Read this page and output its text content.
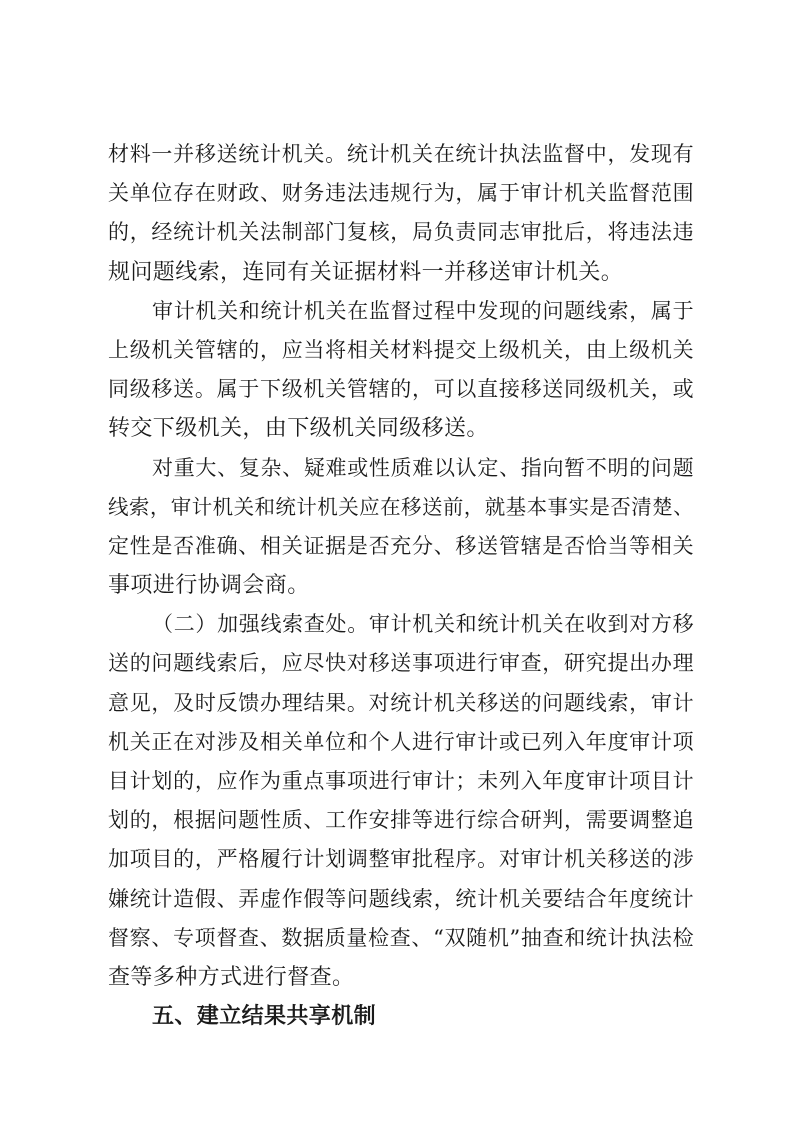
材料一并移送统计机关。统计机关在统计执法监督中，发现有
关单位存在财政、财务违法违规行为，属于审计机关监督范围
的，经统计机关法制部门复核，局负责同志审批后，将违法违
规问题线索，连同有关证据材料一并移送审计机关。
审计机关和统计机关在监督过程中发现的问题线索，属于
上级机关管辖的，应当将相关材料提交上级机关，由上级机关
同级移送。属于下级机关管辖的，可以直接移送同级机关，或
转交下级机关，由下级机关同级移送。
对重大、复杂、疑难或性质难以认定、指向暂不明的问题
线索，审计机关和统计机关应在移送前，就基本事实是否清楚、
定性是否准确、相关证据是否充分、移送管辖是否恰当等相关
事项进行协调会商。
（二）加强线索查处。审计机关和统计机关在收到对方移
送的问题线索后，应尽快对移送事项进行审查，研究提出办理
意见，及时反馈办理结果。对统计机关移送的问题线索，审计
机关正在对涉及相关单位和个人进行审计或已列入年度审计项
目计划的，应作为重点事项进行审计；未列入年度审计项目计
划的，根据问题性质、工作安排等进行综合研判，需要调整追
加项目的，严格履行计划调整审批程序。对审计机关移送的涉
嫌统计造假、弄虚作假等问题线索，统计机关要结合年度统计
督察、专项督查、数据质量检查、“双随机”抽查和统计执法检
查等多种方式进行督查。
五、建立结果共享机制
